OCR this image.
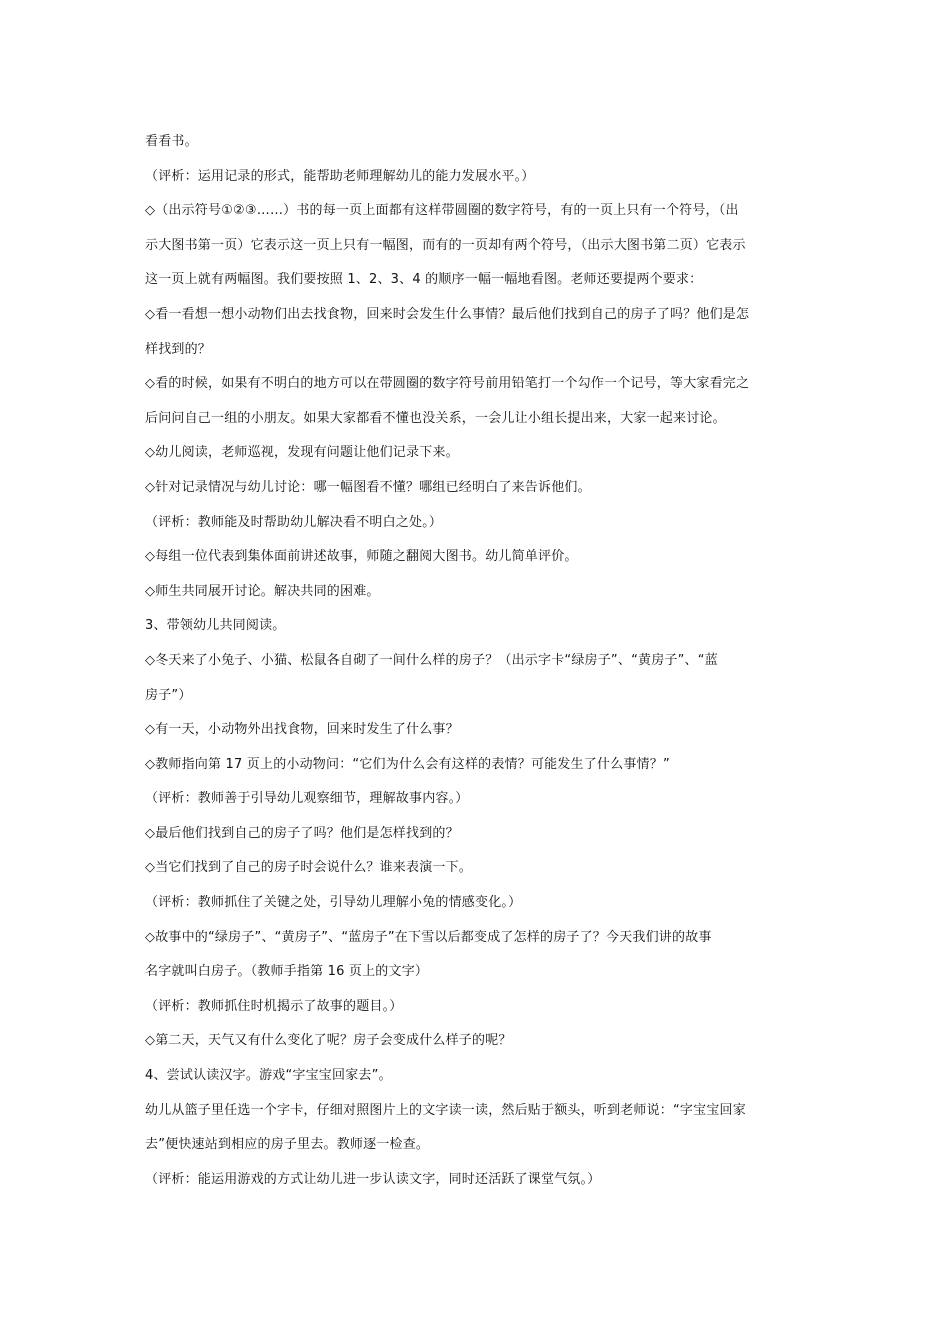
看看书。
（评析：运用记录的形式，能帮助老师理解幼儿的能力发展水平。）
◇（出示符号①②③……）书的每一页上面都有这样带圆圈的数字符号，有的一页上只有一个符号，（出
示大图书第一页）它表示这一页上只有一幅图，而有的一页却有两个符号，（出示大图书第二页）它表示
这一页上就有两幅图。我们要按照 1、2、3、4 的顺序一幅一幅地看图。老师还要提两个要求：
◇看一看想一想小动物们出去找食物，回来时会发生什么事情？最后他们找到自己的房子了吗？他们是怎
样找到的？
◇看的时候，如果有不明白的地方可以在带圆圈的数字符号前用铅笔打一个勾作一个记号，等大家看完之
后问问自己一组的小朋友。如果大家都看不懂也没关系，一会儿让小组长提出来，大家一起来讨论。
◇幼儿阅读，老师巡视，发现有问题让他们记录下来。
◇针对记录情况与幼儿讨论：哪一幅图看不懂？哪组已经明白了来告诉他们。
（评析：教师能及时帮助幼儿解决看不明白之处。）
◇每组一位代表到集体面前讲述故事，师随之翻阅大图书。幼儿简单评价。
◇师生共同展开讨论。解决共同的困难。
3、带领幼儿共同阅读。
◇冬天来了小兔子、小猫、松鼠各自砌了一间什么样的房子？（出示字卡“绿房子”、“黄房子”、“蓝
房子”）
◇有一天，小动物外出找食物，回来时发生了什么事？
◇教师指向第 17 页上的小动物问：“它们为什么会有这样的表情？可能发生了什么事情？”
（评析：教师善于引导幼儿观察细节，理解故事内容。）
◇最后他们找到自己的房子了吗？他们是怎样找到的？
◇当它们找到了自己的房子时会说什么？谁来表演一下。
（评析：教师抓住了关键之处，引导幼儿理解小兔的情感变化。）
◇故事中的“绿房子”、“黄房子”、“蓝房子”在下雪以后都变成了怎样的房子了？今天我们讲的故事
名字就叫白房子。（教师手指第 16 页上的文字）
（评析：教师抓住时机揭示了故事的题目。）
◇第二天，天气又有什么变化了呢？房子会变成什么样子的呢？
4、尝试认读汉字。游戏“字宝宝回家去”。
幼儿从篮子里任选一个字卡，仔细对照图片上的文字读一读，然后贴于额头，听到老师说：“字宝宝回家
去”便快速站到相应的房子里去。教师逐一检查。
（评析：能运用游戏的方式让幼儿进一步认读文字，同时还活跃了课堂气氛。）
